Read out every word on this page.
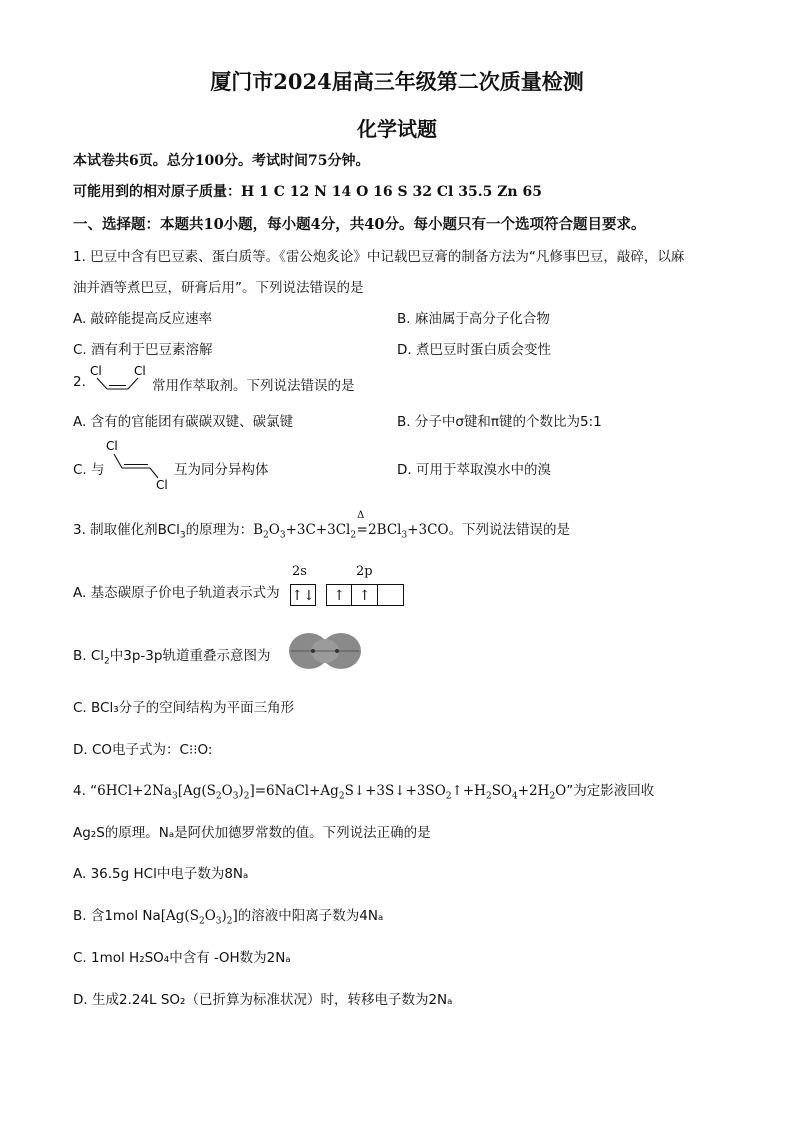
厦门市2024届高三年级第二次质量检测
化学试题
本试卷共6页。总分100分。考试时间75分钟。
可能用到的相对原子质量：H 1 C 12 N 14 O 16 S 32 Cl 35.5 Zn 65
一、选择题：本题共10小题，每小题4分，共40分。每小题只有一个选项符合题目要求。
1. 巴豆中含有巴豆素、蛋白质等。《雷公炮炙论》中记载巴豆膏的制备方法为“凡修事巴豆，敲碎，以麻
油并酒等煮巴豆，研膏后用”。下列说法错误的是
A. 敲碎能提高反应速率	B. 麻油属于高分子化合物
C. 酒有利于巴豆素溶解	D. 煮巴豆时蛋白质会变性
2.
Cl	Cl
常用作萃取剂。下列说法错误的是
A. 含有的官能团有碳碳双键、碳氯键	B. 分子中σ键和π键的个数比为5:1
C. 与
Cl
Cl
互为同分异构体	D. 可用于萃取溴水中的溴
3. 制取催化剂BCl$_3$的原理为：$B_2O_3+3C+3Cl_2=$
Δ
2BCl$_3$+3CO。下列说法错误的是
A. 基态碳原子价电子轨道表示式为
2s	2p
↑↓	↑ ↑
B. $Cl_2$中3p-3p轨道重叠示意图为
C. BCl₃分子的空间结构为平面三角形
D. CO电子式为：C⁝⁝O:
4. “$6HCl+2Na_3[Ag(S_2O_3)_2]=6NaCl+Ag_2S↓+3S↓+3SO_2↑+H_2SO_4+2H_2O$”为定影液回收
Ag₂S的原理。Nₐ是阿伏加德罗常数的值。下列说法正确的是
A. 36.5g HCl中电子数为8Nₐ
B. 含1mol $Na[Ag(S_2O_3)_2]$的溶液中阳离子数为4Nₐ
C. 1mol H₂SO₄中含有 -OH数为2Nₐ
D. 生成2.24L SO₂（已折算为标准状况）时，转移电子数为2Nₐ
